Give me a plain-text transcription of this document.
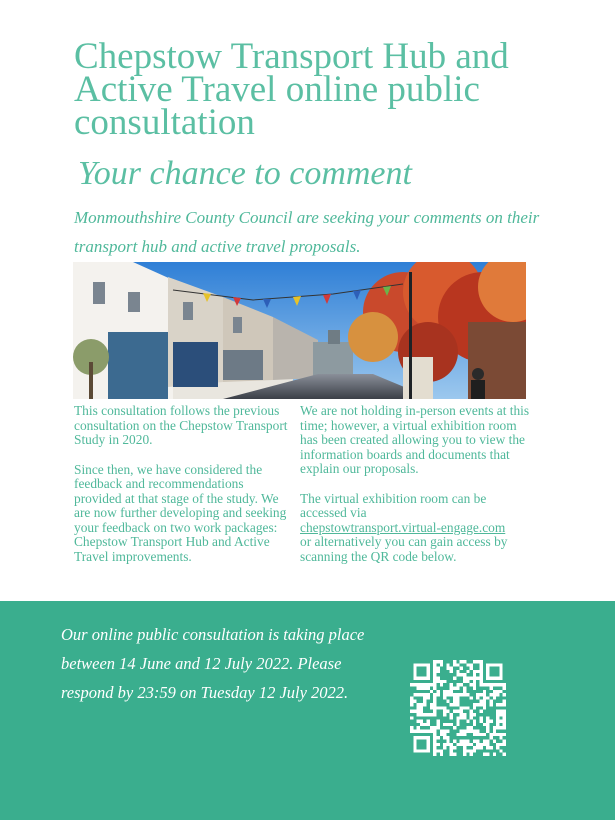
Chepstow Transport Hub and Active Travel online public consultation
Your chance to comment

Monmouthshire County Council are seeking your comments on their transport hub and active travel proposals.

This consultation follows the previous consultation on the Chepstow Transport Study in 2020.

Since then, we have considered the feedback and recommendations provided at that stage of the study. We are now further developing and seeking your feedback on two work packages: Chepstow Transport Hub and Active Travel improvements.

We are not holding in-person events at this time; however, a virtual exhibition room has been created allowing you to view the information boards and documents that explain our proposals.

The virtual exhibition room can be accessed via
chepstowtransport.virtual-engage.com
or alternatively you can gain access by scanning the QR code below.

Our online public consultation is taking place between 14 June and 12 July 2022. Please respond by 23:59 on Tuesday 12 July 2022.
